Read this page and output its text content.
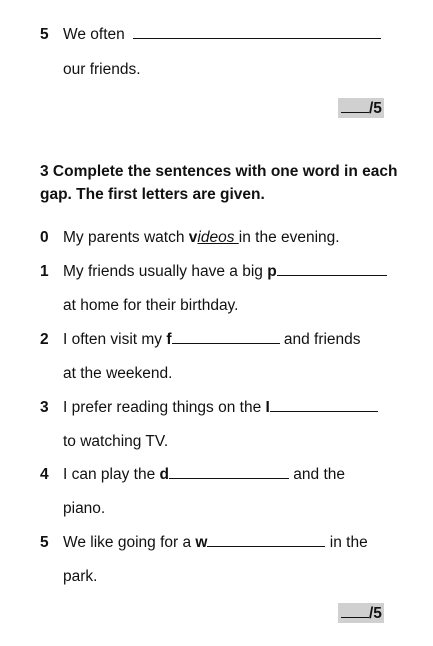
5 We often
our friends.
/5
3 Complete the sentences with one word in each gap. The first letters are given.
0 My parents watch videos in the evening.
1 My friends usually have a big p
at home for their birthday.
2 I often visit my f	and friends
at the weekend.
3 I prefer reading things on the I
to watching TV.
4 I can play the d	and the
piano.
5 We like going for a w	in the
park.
/5
